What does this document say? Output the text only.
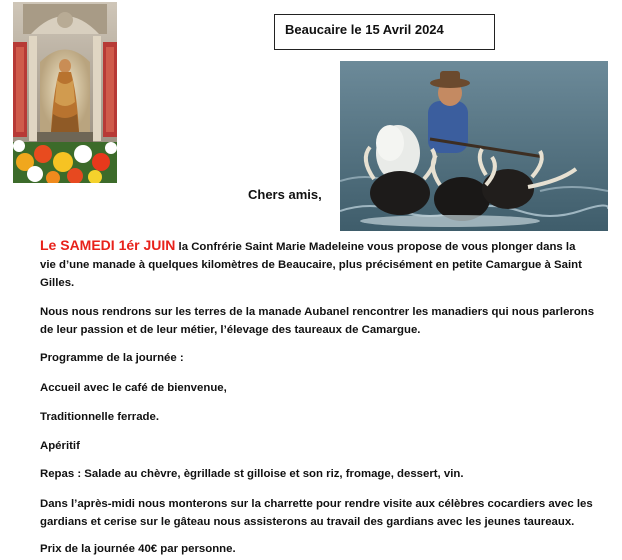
Beaucaire le 15 Avril 2024
Chers amis,
Le SAMEDI 1ér JUIN la Confrérie Saint Marie Madeleine vous propose de vous plonger dans la
vie d’une manade à quelques kilomètres de Beaucaire, plus précisément en petite Camargue à Saint
Gilles.
Nous nous rendrons sur les terres de la manade Aubanel rencontrer les manadiers qui nous parlerons
de leur passion et de leur métier, l’élevage des taureaux de Camargue.
Programme de la journée :
Accueil avec le café de bienvenue,
Traditionnelle ferrade.
Apéritif
Repas : Salade au chèvre, ègrillade st gilloise et son riz, fromage, dessert, vin.
Dans l’après-midi nous monterons sur la charrette pour rendre visite aux célèbres cocardiers avec les
gardians et cerise sur le gâteau nous assisterons au travail des gardians avec les jeunes taureaux.
Prix de la journée 40€ par personne.
